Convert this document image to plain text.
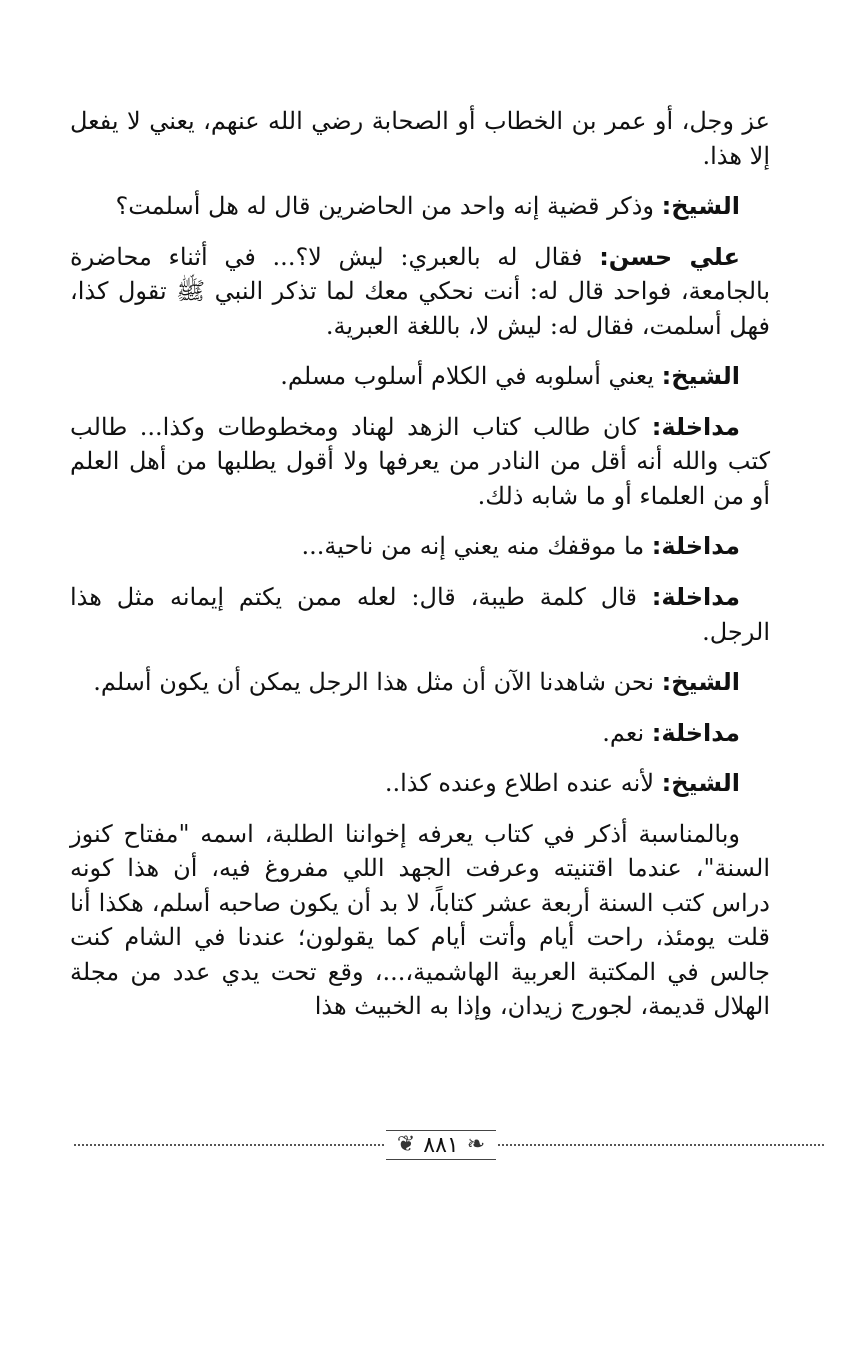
عز وجل، أو عمر بن الخطاب أو الصحابة رضي الله عنهم، يعني لا يفعل إلا هذا.

الشيخ: وذكر قضية إنه واحد من الحاضرين قال له هل أسلمت؟

علي حسن: فقال له بالعبري: ليش لا؟... في أثناء محاضرة بالجامعة، فواحد قال له: أنت نحكي معك لما تذكر النبي ﷺ تقول كذا، فهل أسلمت، فقال له: ليش لا، باللغة العبرية.

الشيخ: يعني أسلوبه في الكلام أسلوب مسلم.

مداخلة: كان طالب كتاب الزهد لهناد ومخطوطات وكذا... طالب كتب والله أنه أقل من النادر من يعرفها ولا أقول يطلبها من أهل العلم أو من العلماء أو ما شابه ذلك.

مداخلة: ما موقفك منه يعني إنه من ناحية...

مداخلة: قال كلمة طيبة، قال: لعله ممن يكتم إيمانه مثل هذا الرجل.

الشيخ: نحن شاهدنا الآن أن مثل هذا الرجل يمكن أن يكون أسلم.

مداخلة: نعم.

الشيخ: لأنه عنده اطلاع وعنده كذا..

وبالمناسبة أذكر في كتاب يعرفه إخواننا الطلبة، اسمه "مفتاح كنوز السنة"، عندما اقتنيته وعرفت الجهد اللي مفروغ فيه، أن هذا كونه دراس كتب السنة أربعة عشر كتاباً، لا بد أن يكون صاحبه أسلم، هكذا أنا قلت يومئذ، راحت أيام وأتت أيام كما يقولون؛ عندنا في الشام كنت جالس في المكتبة العربية الهاشمية،...، وقع تحت يدي عدد من مجلة الهلال قديمة، لجورج زيدان، وإذا به الخبيث هذا

❦ ٨٨١ ❧
